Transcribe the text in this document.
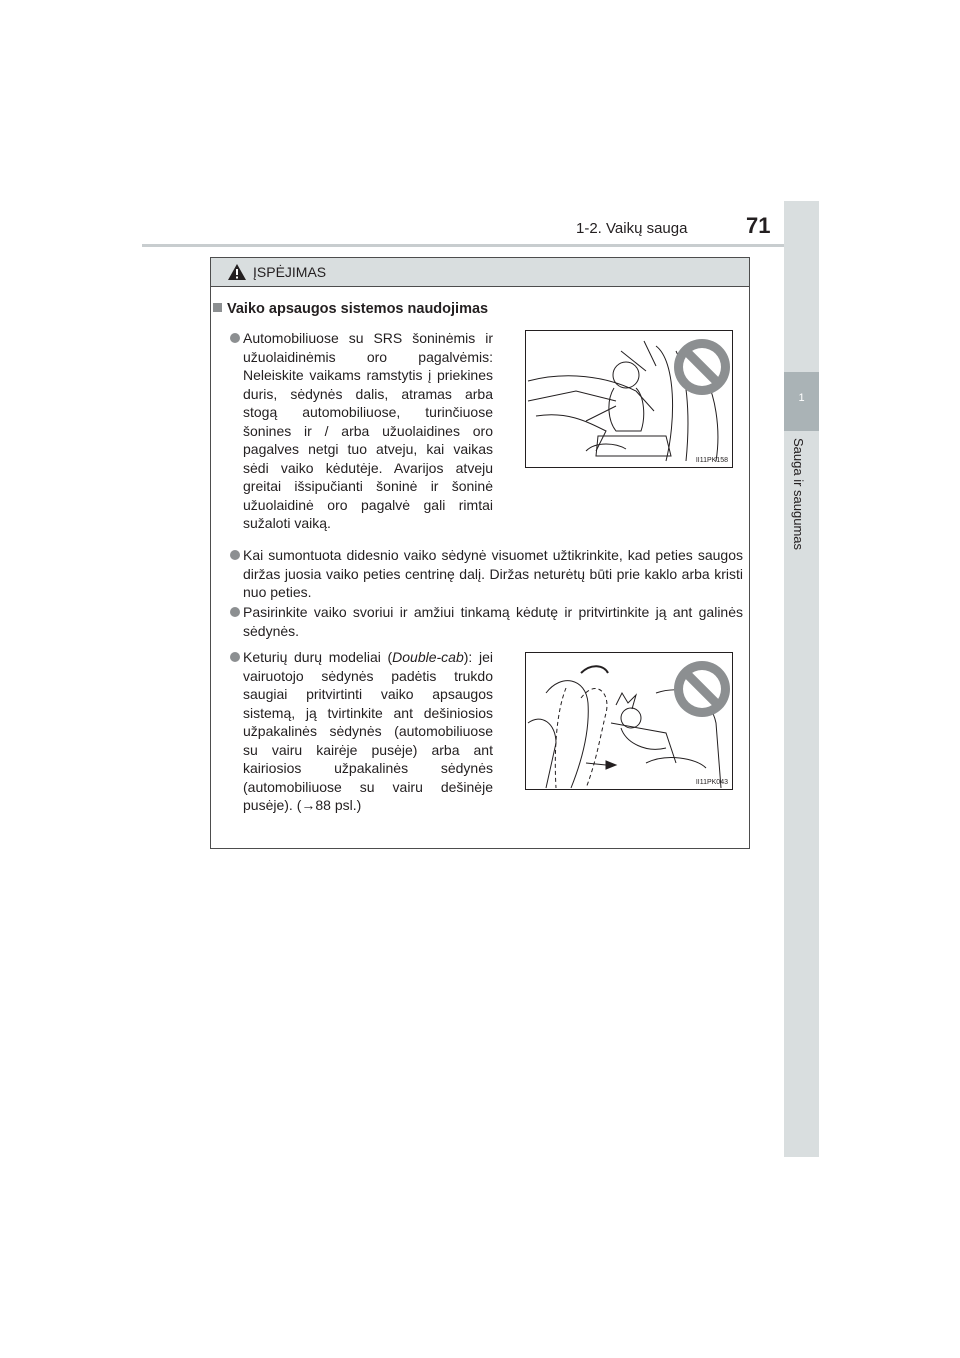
1-2. Vaikų sauga	71
1
Sauga ir saugumas
ĮSPĖJIMAS
Vaiko apsaugos sistemos naudojimas
Automobiliuose su SRS šoninėmis ir užuolaidinėmis oro pagalvėmis: Neleiskite vaikams ramstytis į priekines duris, sėdynės dalis, atramas arba stogą automobiliuose, turinčiuose šonines ir / arba užuolaidines oro pagalves netgi tuo atveju, kai vaikas sėdi vaiko kėdutėje. Avarijos atveju greitai išsipučianti šoninė ir šoninė užuolaidinė oro pagalvė gali rimtai sužaloti vaiką.
II11PK158
Kai sumontuota didesnio vaiko sėdynė visuomet užtikrinkite, kad peties saugos diržas juosia vaiko peties centrinę dalį. Diržas neturėtų būti prie kaklo arba kristi nuo peties.
Pasirinkite vaiko svoriui ir amžiui tinkamą kėdutę ir pritvirtinkite ją ant galinės sėdynės.
Keturių durų modeliai (Double-cab): jei vairuotojo sėdynės padėtis trukdo saugiai pritvirtinti vaiko apsaugos sistemą, ją tvirtinkite ant dešiniosios užpakalinės sėdynės (automobiliuose su vairu kairėje pusėje) arba ant kairiosios užpakalinės sėdynės (automobiliuose su vairu dešinėje pusėje). (→88 psl.)
II11PK043
